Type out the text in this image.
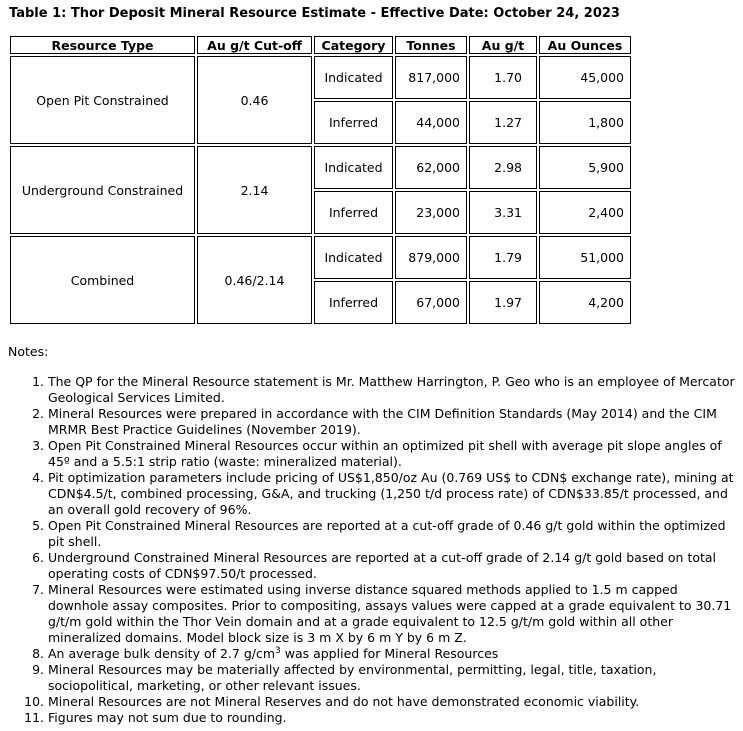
Table 1: Thor Deposit Mineral Resource Estimate - Effective Date: October 24, 2023
Resource Type	Au g/t Cut-off	Category	Tonnes	Au g/t	Au Ounces
Open Pit Constrained	0.46	Indicated	817,000	1.70	45,000
		Inferred	44,000	1.27	1,800
Underground Constrained	2.14	Indicated	62,000	2.98	5,900
		Inferred	23,000	3.31	2,400
Combined	0.46/2.14	Indicated	879,000	1.79	51,000
		Inferred	67,000	1.97	4,200
Notes:
1. The QP for the Mineral Resource statement is Mr. Matthew Harrington, P. Geo who is an employee of Mercator Geological Services Limited.
2. Mineral Resources were prepared in accordance with the CIM Definition Standards (May 2014) and the CIM MRMR Best Practice Guidelines (November 2019).
3. Open Pit Constrained Mineral Resources occur within an optimized pit shell with average pit slope angles of 45º and a 5.5:1 strip ratio (waste: mineralized material).
4. Pit optimization parameters include pricing of US$1,850/oz Au (0.769 US$ to CDN$ exchange rate), mining at CDN$4.5/t, combined processing, G&A, and trucking (1,250 t/d process rate) of CDN$33.85/t processed, and an overall gold recovery of 96%.
5. Open Pit Constrained Mineral Resources are reported at a cut-off grade of 0.46 g/t gold within the optimized pit shell.
6. Underground Constrained Mineral Resources are reported at a cut-off grade of 2.14 g/t gold based on total operating costs of CDN$97.50/t processed.
7. Mineral Resources were estimated using inverse distance squared methods applied to 1.5 m capped downhole assay composites. Prior to compositing, assays values were capped at a grade equivalent to 30.71 g/t/m gold within the Thor Vein domain and at a grade equivalent to 12.5 g/t/m gold within all other mineralized domains. Model block size is 3 m X by 6 m Y by 6 m Z.
8. An average bulk density of 2.7 $g/cm^3$ was applied for Mineral Resources
9. Mineral Resources may be materially affected by environmental, permitting, legal, title, taxation, sociopolitical, marketing, or other relevant issues.
10. Mineral Resources are not Mineral Reserves and do not have demonstrated economic viability.
11. Figures may not sum due to rounding.
